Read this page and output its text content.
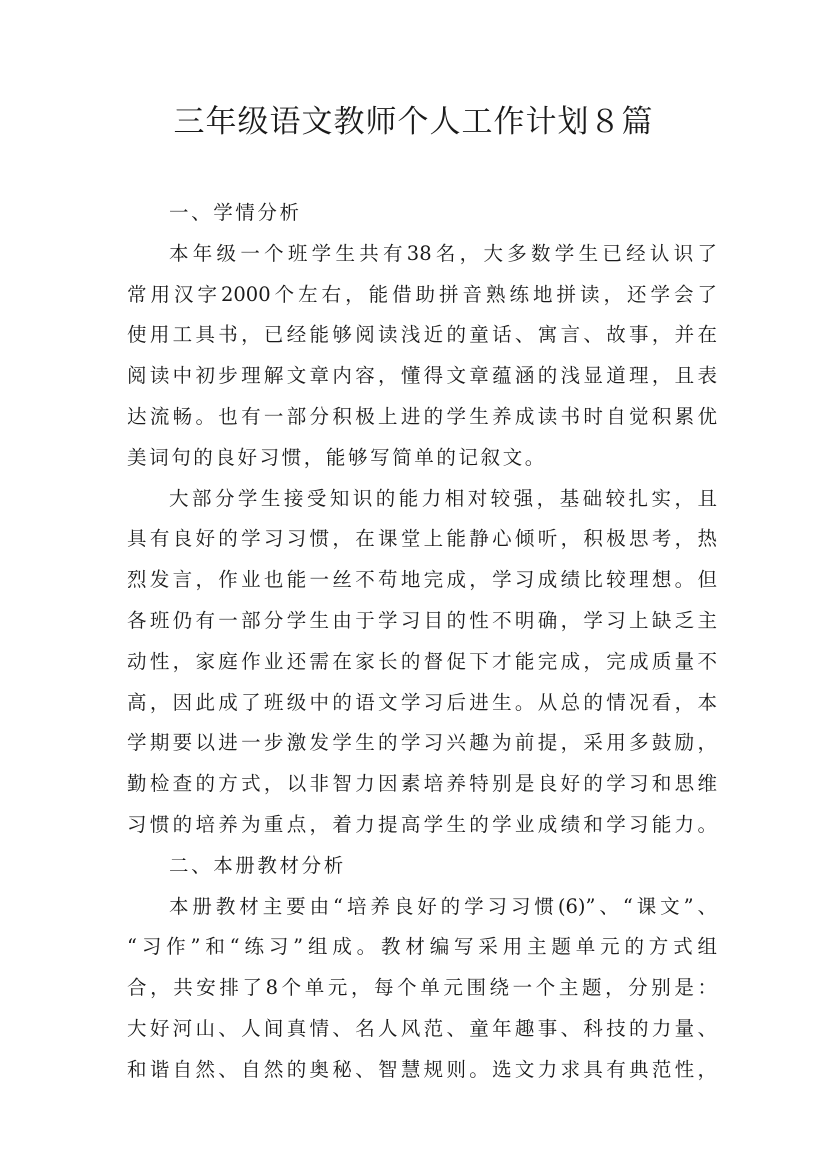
三年级语文教师个人工作计划８篇
一、学情分析
本年级一个班学生共有38名，大多数学生已经认识了
常用汉字2000个左右，能借助拼音熟练地拼读，还学会了
使用工具书，已经能够阅读浅近的童话、寓言、故事，并在
阅读中初步理解文章内容，懂得文章蕴涵的浅显道理，且表
达流畅。也有一部分积极上进的学生养成读书时自觉积累优
美词句的良好习惯，能够写简单的记叙文。
大部分学生接受知识的能力相对较强，基础较扎实，且
具有良好的学习习惯，在课堂上能静心倾听，积极思考，热
烈发言，作业也能一丝不苟地完成，学习成绩比较理想。但
各班仍有一部分学生由于学习目的性不明确，学习上缺乏主
动性，家庭作业还需在家长的督促下才能完成，完成质量不
高，因此成了班级中的语文学习后进生。从总的情况看，本
学期要以进一步激发学生的学习兴趣为前提，采用多鼓励，
勤检查的方式，以非智力因素培养特别是良好的学习和思维
习惯的培养为重点，着力提高学生的学业成绩和学习能力。
二、本册教材分析
本册教材主要由“培养良好的学习习惯(6)”、“课文”、
“习作”和“练习”组成。教材编写采用主题单元的方式组
合，共安排了8个单元，每个单元围绕一个主题，分别是：
大好河山、人间真情、名人风范、童年趣事、科技的力量、
和谐自然、自然的奥秘、智慧规则。选文力求具有典范性，
